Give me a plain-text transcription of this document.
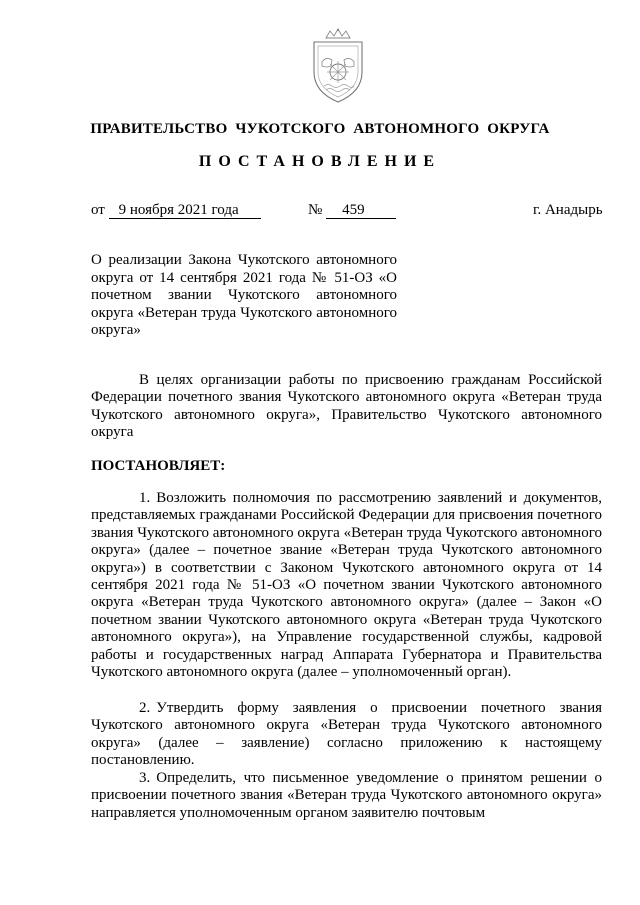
ПРАВИТЕЛЬСТВО ЧУКОТСКОГО АВТОНОМНОГО ОКРУГА
ПОСТАНОВЛЕНИЕ
от 9 ноября 2021 года	№ 459	г. Анадырь
О реализации Закона Чукотского автономного округа от 14 сентября 2021 года № 51-ОЗ «О почетном звании Чукотского автономного округа «Ветеран труда Чукотского автономного округа»
В целях организации работы по присвоению гражданам Российской Федерации почетного звания Чукотского автономного округа «Ветеран труда Чукотского автономного округа», Правительство Чукотского автономного округа
ПОСТАНОВЛЯЕТ:
1. Возложить полномочия по рассмотрению заявлений и документов, представляемых гражданами Российской Федерации для присвоения почетного звания Чукотского автономного округа «Ветеран труда Чукотского автономного округа» (далее – почетное звание «Ветеран труда Чукотского автономного округа») в соответствии с Законом Чукотского автономного округа от 14 сентября 2021 года № 51-ОЗ «О почетном звании Чукотского автономного округа «Ветеран труда Чукотского автономного округа» (далее – Закон «О почетном звании Чукотского автономного округа «Ветеран труда Чукотского автономного округа»), на Управление государственной службы, кадровой работы и государственных наград Аппарата Губернатора и Правительства Чукотского автономного округа (далее – уполномоченный орган).
2. Утвердить форму заявления о присвоении почетного звания Чукотского автономного округа «Ветеран труда Чукотского автономного округа» (далее – заявление) согласно приложению к настоящему постановлению.
3. Определить, что письменное уведомление о принятом решении о присвоении почетного звания «Ветеран труда Чукотского автономного округа» направляется уполномоченным органом заявителю почтовым
